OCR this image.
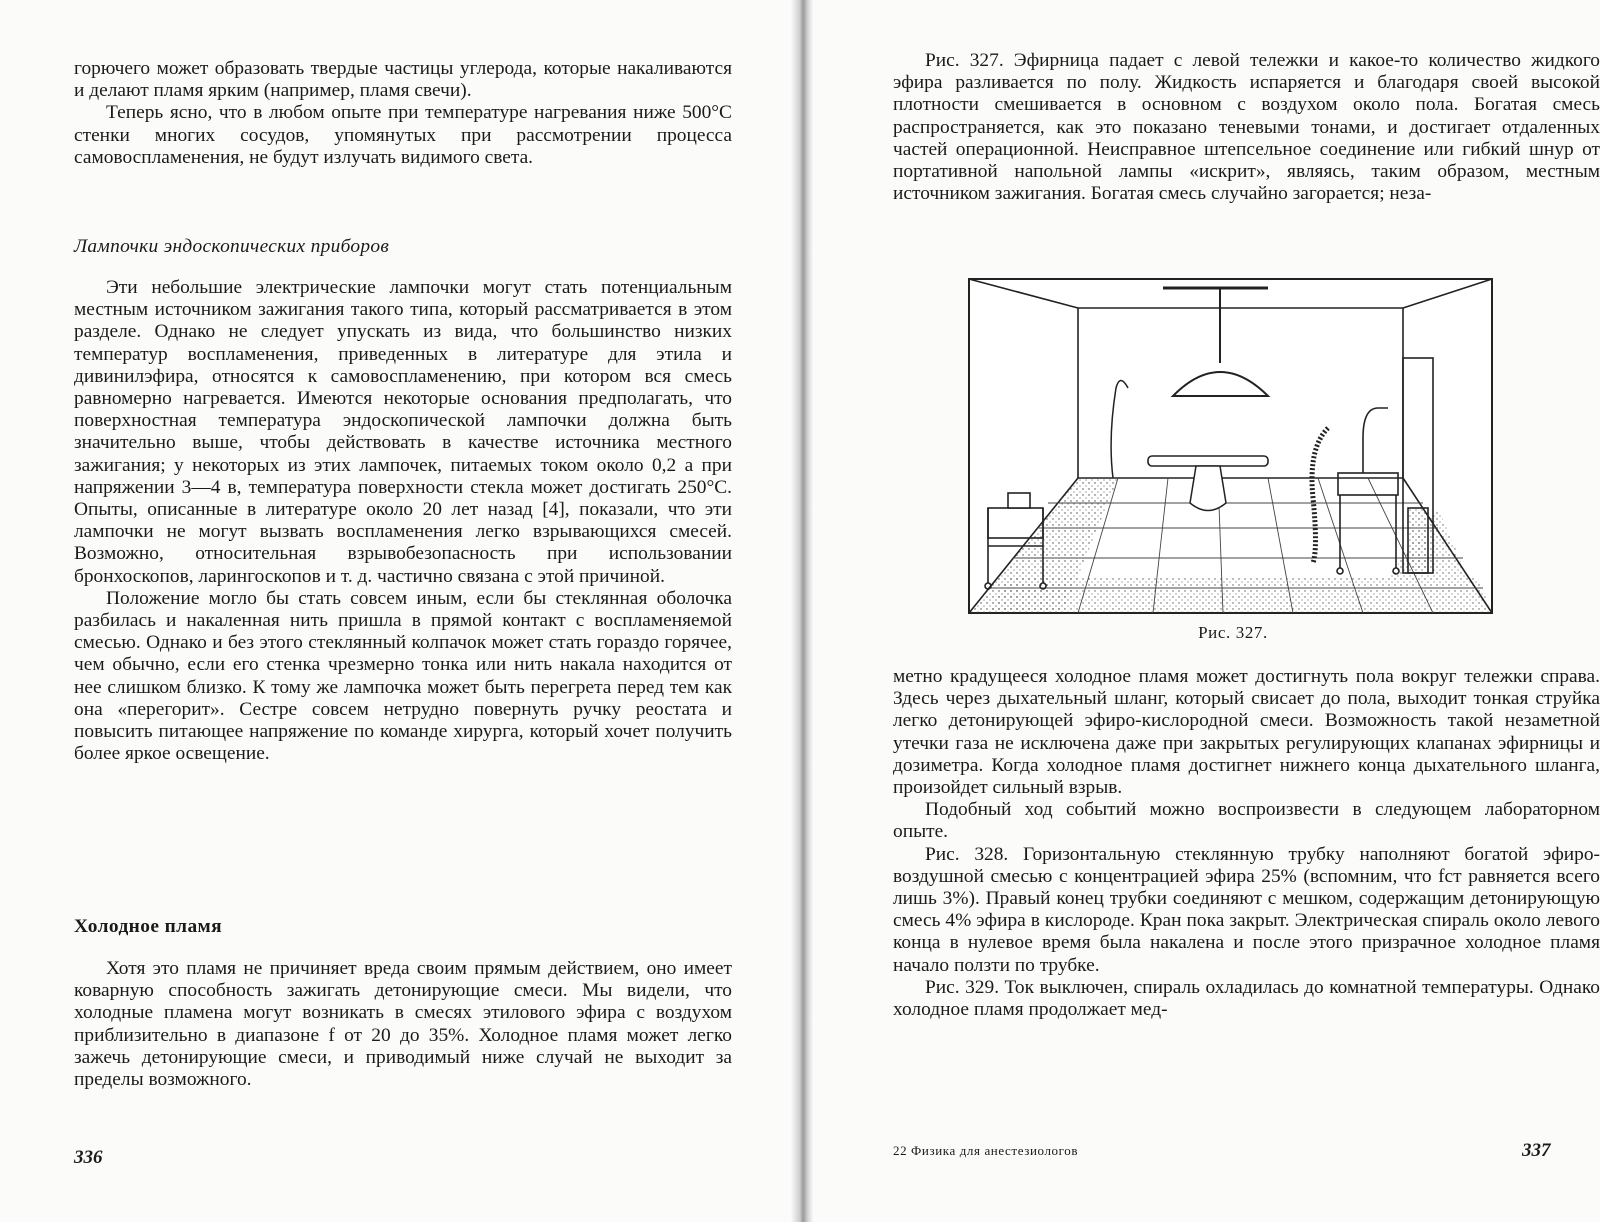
горючего может образовать твердые частицы углерода, которые накаливаются и делают пламя ярким (например, пламя свечи).

Теперь ясно, что в любом опыте при температуре нагревания ниже 500°С стенки многих сосудов, упомянутых при рассмотрении процесса самовоспламенения, не будут излучать видимого света.

Лампочки эндоскопических приборов

Эти небольшие электрические лампочки могут стать потенциальным местным источником зажигания такого типа, который рассматривается в этом разделе. Однако не следует упускать из вида, что большинство низких температур воспламенения, приведенных в литературе для этила и дивинилэфира, относятся к самовоспламенению, при котором вся смесь равномерно нагревается. Имеются некоторые основания предполагать, что поверхностная температура эндоскопической лампочки должна быть значительно выше, чтобы действовать в качестве источника местного зажигания; у некоторых из этих лампочек, питаемых током около 0,2 а при напряжении 3—4 в, температура поверхности стекла может достигать 250°С. Опыты, описанные в литературе около 20 лет назад [4], показали, что эти лампочки не могут вызвать воспламенения легко взрывающихся смесей. Возможно, относительная взрывобезопасность при использовании бронхоскопов, ларингоскопов и т. д. частично связана с этой причиной.

Положение могло бы стать совсем иным, если бы стеклянная оболочка разбилась и накаленная нить пришла в прямой контакт с воспламеняемой смесью. Однако и без этого стеклянный колпачок может стать гораздо горячее, чем обычно, если его стенка чрезмерно тонка или нить накала находится от нее слишком близко. К тому же лампочка может быть перегрета перед тем как она «перегорит». Сестре совсем нетрудно повернуть ручку реостата и повысить питающее напряжение по команде хирурга, который хочет получить более яркое освещение.

Холодное пламя

Хотя это пламя не причиняет вреда своим прямым действием, оно имеет коварную способность зажигать детонирующие смеси. Мы видели, что холодные пламена могут возникать в смесях этилового эфира с воздухом приблизительно в диапазоне f от 20 до 35%. Холодное пламя может легко зажечь детонирующие смеси, и приводимый ниже случай не выходит за пределы возможного.

336

Рис. 327. Эфирница падает с левой тележки и какое-то количество жидкого эфира разливается по полу. Жидкость испаряется и благодаря своей высокой плотности смешивается в основном с воздухом около пола. Богатая смесь распространяется, как это показано теневыми тонами, и достигает отдаленных частей операционной. Неисправное штепсельное соединение или гибкий шнур от портативной напольной лампы «искрит», являясь, таким образом, местным источником зажигания. Богатая смесь случайно загорается; неза-

Рис. 327.

метно крадущееся холодное пламя может достигнуть пола вокруг тележки справа. Здесь через дыхательный шланг, который свисает до пола, выходит тонкая струйка легко детонирующей эфиро-кислородной смеси. Возможность такой незаметной утечки газа не исключена даже при закрытых регулирующих клапанах эфирницы и дозиметра. Когда холодное пламя достигнет нижнего конца дыхательного шланга, произойдет сильный взрыв.

Подобный ход событий можно воспроизвести в следующем лабораторном опыте.

Рис. 328. Горизонтальную стеклянную трубку наполняют богатой эфиро-воздушной смесью с концентрацией эфира 25% (вспомним, что fст равняется всего лишь 3%). Правый конец трубки соединяют с мешком, содержащим детонирующую смесь 4% эфира в кислороде. Кран пока закрыт. Электрическая спираль около левого конца в нулевое время была накалена и после этого призрачное холодное пламя начало ползти по трубке.

Рис. 329. Ток выключен, спираль охладилась до комнатной температуры. Однако холодное пламя продолжает мед-

22 Физика для анестезиологов	337
